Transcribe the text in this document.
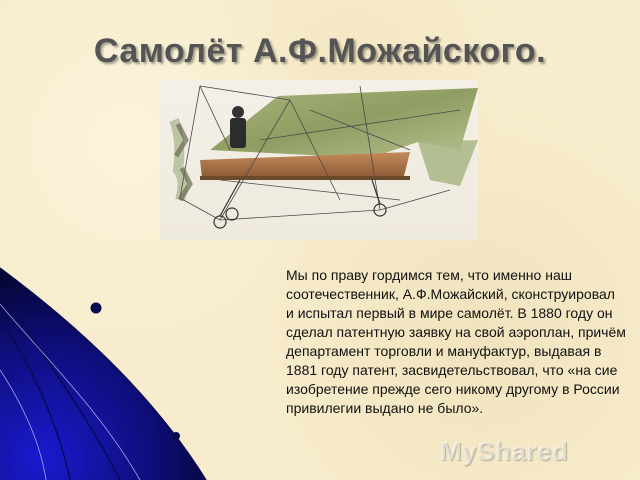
Самолёт А.Ф.Можайского.
Мы по праву гордимся тем, что именно наш соотечественник, А.Ф.Можайский, сконструировал и испытал первый в мире самолёт. В 1880 году он сделал патентную заявку на свой аэроплан, причём департамент торговли и мануфактур, выдавая в 1881 году патент, засвидетельствовал, что «на сие изобретение прежде сего никому другому в России привилегии выдано не было».
MyShared
